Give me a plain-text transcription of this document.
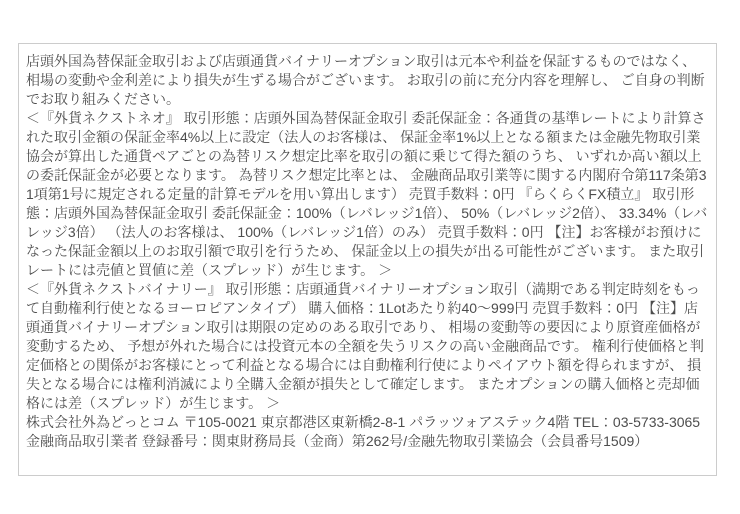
店頭外国為替保証金取引および店頭通貨バイナリーオプション取引は元本や利益を保証するものではなく、 相場の変動や金利差により損失が生ずる場合がございます。 お取引の前に充分内容を理解し、 ご自身の判断でお取り組みください。

＜『外貨ネクストネオ』 取引形態：店頭外国為替保証金取引 委託保証金：各通貨の基準レートにより計算された取引金額の保証金率4%以上に設定（法人のお客様は、 保証金率1%以上となる額または金融先物取引業協会が算出した通貨ペアごとの為替リスク想定比率を取引の額に乗じて得た額のうち、 いずれか高い額以上の委託保証金が必要となります。 為替リスク想定比率とは、 金融商品取引業等に関する内閣府令第117条第31項第1号に規定される定量的計算モデルを用い算出します） 売買手数料：0円 『らくらくFX積立』 取引形態：店頭外国為替保証金取引 委託保証金：100%（レバレッジ1倍）、 50%（レバレッジ2倍）、 33.34%（レバレッジ3倍） （法人のお客様は、 100%（レバレッジ1倍）のみ） 売買手数料：0円 【注】お客様がお預けになった保証金額以上のお取引額で取引を行うため、 保証金以上の損失が出る可能性がございます。 また取引レートには売値と買値に差（スプレッド）が生じます。 ＞

＜『外貨ネクストバイナリー』 取引形態：店頭通貨バイナリーオプション取引（満期である判定時刻をもって自動権利行使となるヨーロピアンタイプ） 購入価格：1Lotあたり約40～999円 売買手数料：0円 【注】店頭通貨バイナリーオプション取引は期限の定めのある取引であり、 相場の変動等の要因により原資産価格が変動するため、 予想が外れた場合には投資元本の全額を失うリスクの高い金融商品です。 権利行使価格と判定価格との関係がお客様にとって利益となる場合には自動権利行使によりペイアウト額を得られますが、 損失となる場合には権利消滅により全購入金額が損失として確定します。 またオプションの購入価格と売却価格には差（スプレッド）が生じます。 ＞

株式会社外為どっとコム 〒105-0021 東京都港区東新橋2-8-1 パラッツォアステック4階 TEL：03-5733-3065

金融商品取引業者 登録番号：関東財務局長（金商）第262号/金融先物取引業協会（会員番号1509）
